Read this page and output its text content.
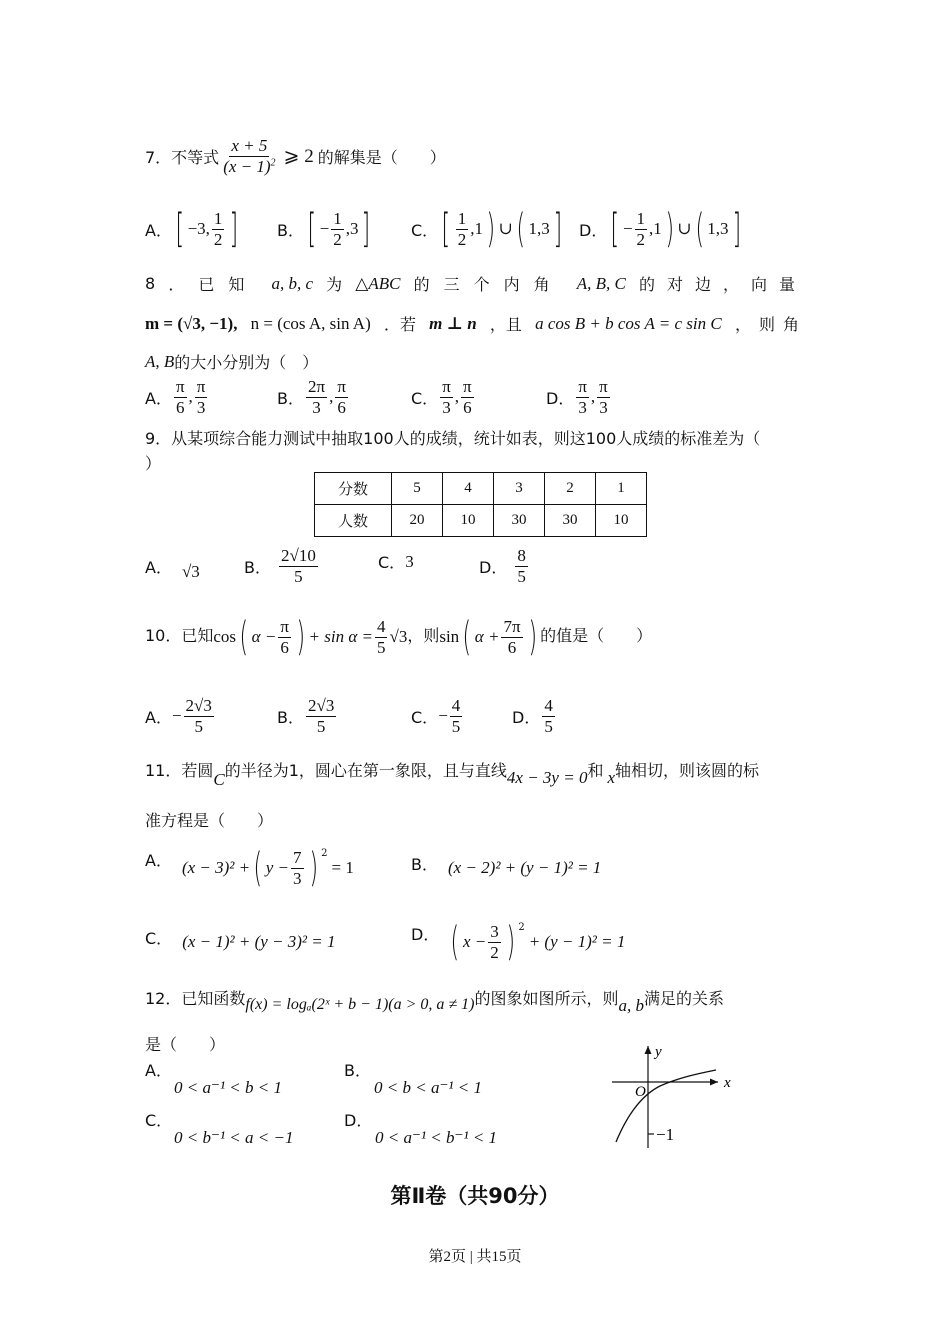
7．不等式 $\frac{x + 5}{(x - 1)^2}$ ⩾ 2 的解集是（　　）
A． [ −3, $\frac{1}{2}$ ] B． [ − $\frac{1}{2} ,3$ ]	C． [ $\frac{1}{2} ,1$ ) ∪ ( 1,3 ] D． [ − $\frac{1}{2} ,1$ ) ∪ ( 1,3 ]
8 ．已知 a, b, c 为 △ABC 的三个内角 A, B, C 的对边，向量
m = (√3, −1), n = (cos A, sin A) ．若 m ⊥ n ，且 a cos B + b cos A = c sin C ，则角
A, B 的大小分别为（　）
A． $\frac{\pi}{6}$ , $\frac{\pi}{3}$	B． $\frac{2\pi}{3}$ , $\frac{\pi}{6}$	C． $\frac{\pi}{3}$ , $\frac{\pi}{6}$	D． $\frac{\pi}{3}$ , $\frac{\pi}{3}$
9．从某项综合能力测试中抽取100人的成绩，统计如表，则这100人成绩的标准差为（
）
分数	5	4	3	2	1
人数	20	10	30	30	10
A． √3	B． $\frac{2√10}{5}$	C． 3	D． $\frac{8}{5}$
10．已知 cos ( $\alpha - \frac{\pi}{6}$ ) + $\sin \alpha = \frac{4}{5} √3$ ，则 sin ( $\alpha + \frac{7\pi}{6}$ ) 的值是（　　）
A． − $\frac{2√3}{5}$	B． $\frac{2√3}{5}$	C． − $\frac{4}{5}$	D． $\frac{4}{5}$
11．若圆 C 的半径为1，圆心在第一象限，且与直线 4x − 3y = 0 和 x 轴相切，则该圆的标
准方程是（　　）
A． (x − 3)² + ( $y - \frac{7}{3}$ ) $^2$
= 1	B． (x − 2)² + (y − 1)² = 1
C． (x − 1)² + (y − 3)² = 1	D． ( $x - \frac{3}{2}$ ) $^2$
+ (y − 1)² = 1
12．已知函数 f(x) = logₐ(2ˣ + b − 1)(a > 0, a ≠ 1) 的图象如图所示，则 a, b 满足的关系
是（　　）
A．
0 < a⁻¹ < b < 1
B．
0 < b < a⁻¹ < 1
C．
0 < b⁻¹ < a < −1
D．
0 < a⁻¹ < b⁻¹ < 1
x
y
O
−1
第Ⅱ卷（共90分）
第2页 | 共15页
